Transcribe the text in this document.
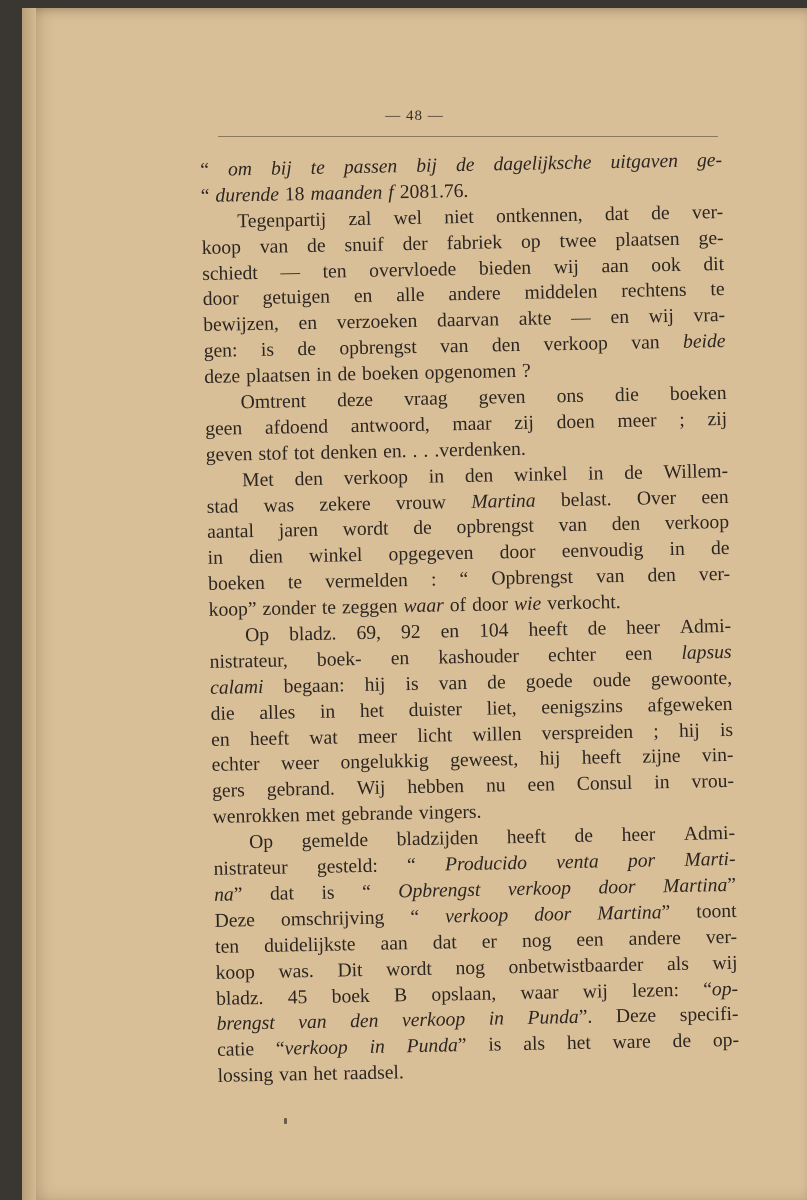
— 48 —
“ om bij te passen bij de dagelijksche uitgaven ge-
“ durende 18 maanden f 2081.76.
Tegenpartij zal wel niet ontkennen, dat de ver-
koop van de snuif der fabriek op twee plaatsen ge-
schiedt — ten overvloede bieden wij aan ook dit
door getuigen en alle andere middelen rechtens te
bewijzen, en verzoeken daarvan akte — en wij vra-
gen: is de opbrengst van den verkoop van beide
deze plaatsen in de boeken opgenomen ?
Omtrent deze vraag geven ons die boeken
geen afdoend antwoord, maar zij doen meer ; zij
geven stof tot denken en. . . .verdenken.
Met den verkoop in den winkel in de Willem-
stad was zekere vrouw Martina belast. Over een
aantal jaren wordt de opbrengst van den verkoop
in dien winkel opgegeven door eenvoudig in de
boeken te vermelden : “ Opbrengst van den ver-
koop” zonder te zeggen waar of door wie verkocht.
Op bladz. 69, 92 en 104 heeft de heer Admi-
nistrateur, boek- en kashouder echter een lapsus
calami begaan: hij is van de goede oude gewoonte,
die alles in het duister liet, eenigszins afgeweken
en heeft wat meer licht willen verspreiden ; hij is
echter weer ongelukkig geweest, hij heeft zijne vin-
gers gebrand. Wij hebben nu een Consul in vrou-
wenrokken met gebrande vingers.
Op gemelde bladzijden heeft de heer Admi-
nistrateur gesteld: “ Producido venta por Marti-
na” dat is “ Opbrengst verkoop door Martina”
Deze omschrijving “ verkoop door Martina” toont
ten duidelijkste aan dat er nog een andere ver-
koop was. Dit wordt nog onbetwistbaarder als wij
bladz. 45 boek B opslaan, waar wij lezen: “op-
brengst van den verkoop in Punda”. Deze specifi-
catie “verkoop in Punda” is als het ware de op-
lossing van het raadsel.
